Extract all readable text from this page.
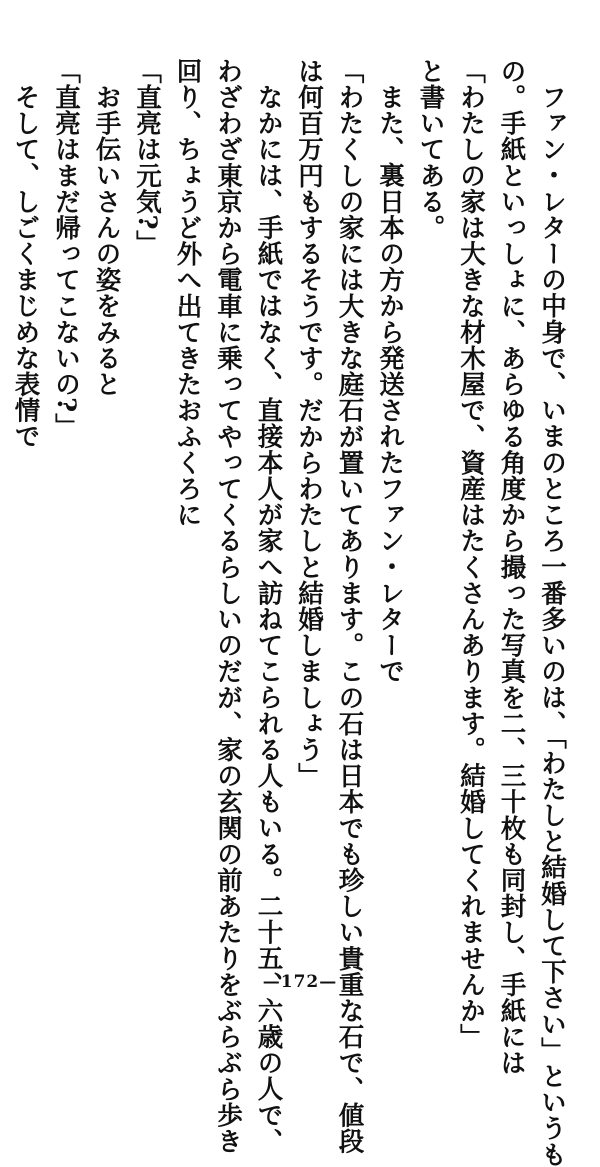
ファン・レターの中身で、いまのところ一番多いのは、「わたしと結婚して下さい」というも
の。手紙といっしょに、あらゆる角度から撮った写真を二、三十枚も同封し、手紙には
「わたしの家は大きな材木屋で、資産はたくさんあります。結婚してくれませんか」
と書いてある。
また、裏日本の方から発送されたファン・レターで
「わたくしの家には大きな庭石が置いてあります。この石は日本でも珍しい貴重な石で、値段
は何百万円もするそうです。だからわたしと結婚しましょう」
なかには、手紙ではなく、直接本人が家へ訪ねてこられる人もいる。二十五、六歳の人で、
わざわざ東京から電車に乗ってやってくるらしいのだが、家の玄関の前あたりをぶらぶら歩き
回り、ちょうど外へ出てきたおふくろに
「直亮は元気?」
お手伝いさんの姿をみると
「直亮はまだ帰ってこないの?」
そして、しごくまじめな表情で
—172—
